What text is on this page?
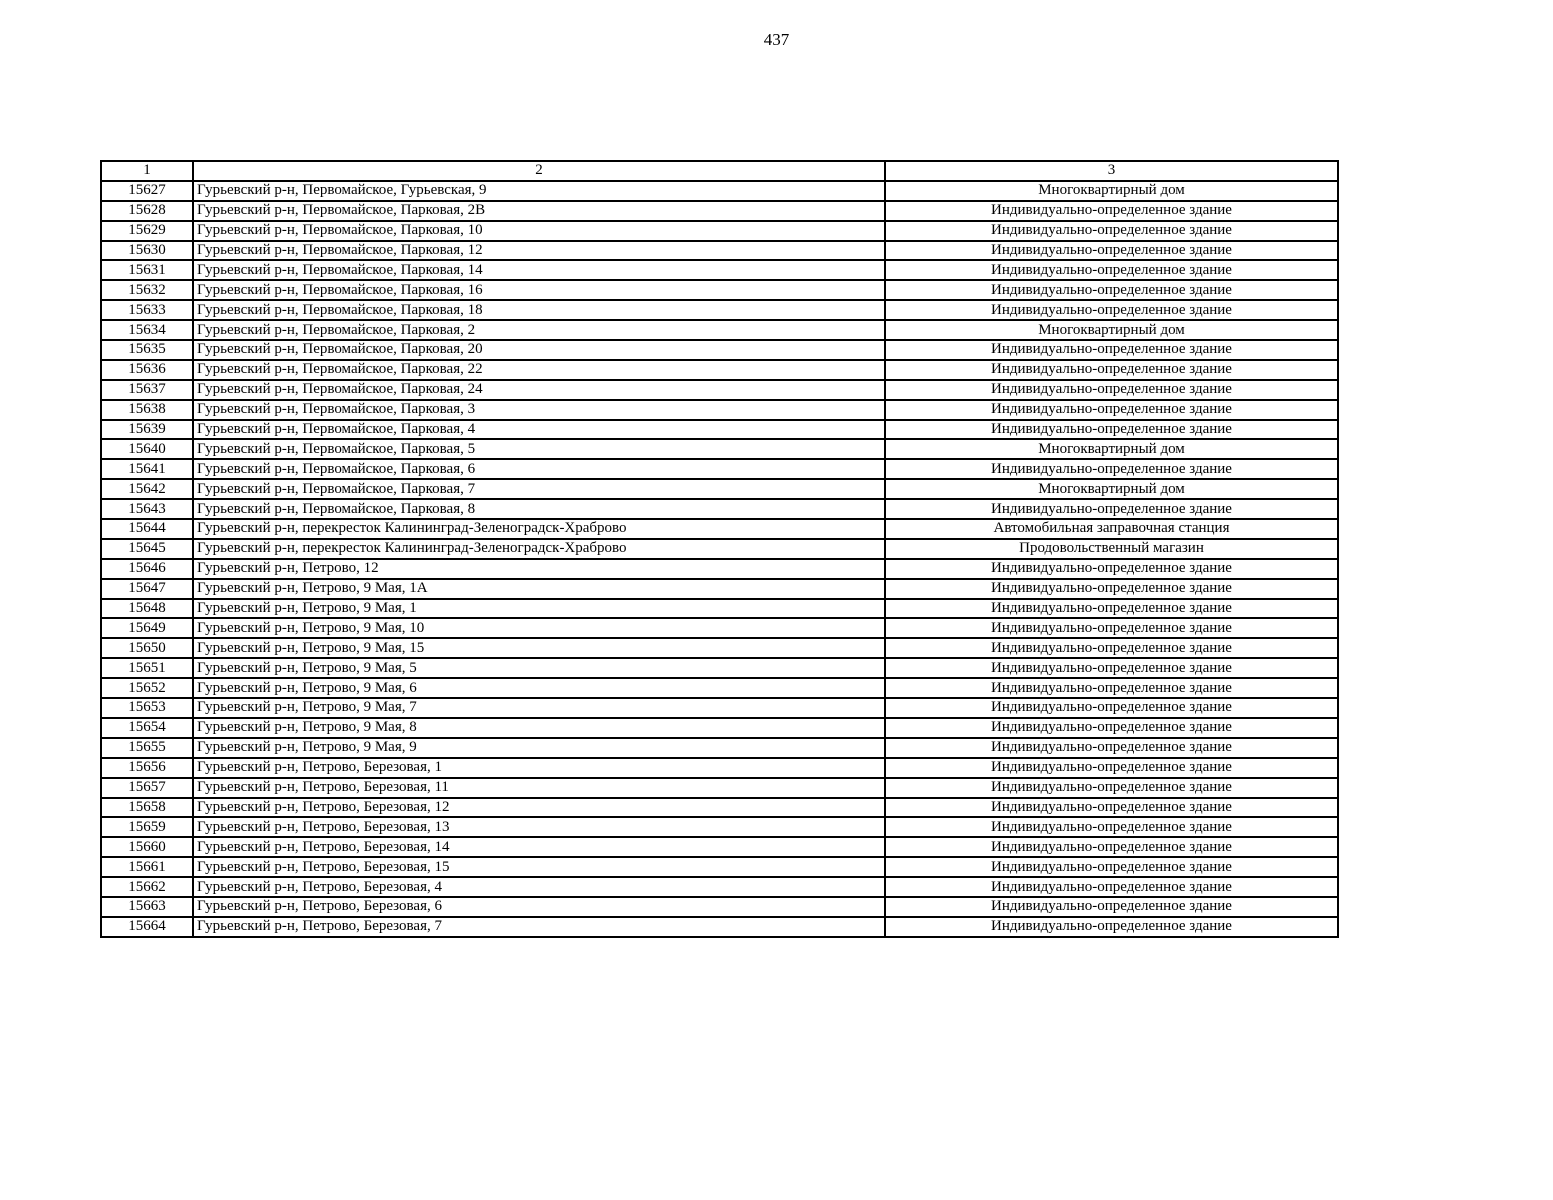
437
1	2	3
15627	Гурьевский р-н, Первомайское, Гурьевская, 9	Многоквартирный дом
15628	Гурьевский р-н, Первомайское, Парковая, 2В	Индивидуально-определенное здание
15629	Гурьевский р-н, Первомайское, Парковая, 10	Индивидуально-определенное здание
15630	Гурьевский р-н, Первомайское, Парковая, 12	Индивидуально-определенное здание
15631	Гурьевский р-н, Первомайское, Парковая, 14	Индивидуально-определенное здание
15632	Гурьевский р-н, Первомайское, Парковая, 16	Индивидуально-определенное здание
15633	Гурьевский р-н, Первомайское, Парковая, 18	Индивидуально-определенное здание
15634	Гурьевский р-н, Первомайское, Парковая, 2	Многоквартирный дом
15635	Гурьевский р-н, Первомайское, Парковая, 20	Индивидуально-определенное здание
15636	Гурьевский р-н, Первомайское, Парковая, 22	Индивидуально-определенное здание
15637	Гурьевский р-н, Первомайское, Парковая, 24	Индивидуально-определенное здание
15638	Гурьевский р-н, Первомайское, Парковая, 3	Индивидуально-определенное здание
15639	Гурьевский р-н, Первомайское, Парковая, 4	Индивидуально-определенное здание
15640	Гурьевский р-н, Первомайское, Парковая, 5	Многоквартирный дом
15641	Гурьевский р-н, Первомайское, Парковая, 6	Индивидуально-определенное здание
15642	Гурьевский р-н, Первомайское, Парковая, 7	Многоквартирный дом
15643	Гурьевский р-н, Первомайское, Парковая, 8	Индивидуально-определенное здание
15644	Гурьевский р-н, перекресток Калининград-Зеленоградск-Храброво	Автомобильная заправочная станция
15645	Гурьевский р-н, перекресток Калининград-Зеленоградск-Храброво	Продовольственный магазин
15646	Гурьевский р-н, Петрово, 12	Индивидуально-определенное здание
15647	Гурьевский р-н, Петрово, 9 Мая, 1А	Индивидуально-определенное здание
15648	Гурьевский р-н, Петрово, 9 Мая, 1	Индивидуально-определенное здание
15649	Гурьевский р-н, Петрово, 9 Мая, 10	Индивидуально-определенное здание
15650	Гурьевский р-н, Петрово, 9 Мая, 15	Индивидуально-определенное здание
15651	Гурьевский р-н, Петрово, 9 Мая, 5	Индивидуально-определенное здание
15652	Гурьевский р-н, Петрово, 9 Мая, 6	Индивидуально-определенное здание
15653	Гурьевский р-н, Петрово, 9 Мая, 7	Индивидуально-определенное здание
15654	Гурьевский р-н, Петрово, 9 Мая, 8	Индивидуально-определенное здание
15655	Гурьевский р-н, Петрово, 9 Мая, 9	Индивидуально-определенное здание
15656	Гурьевский р-н, Петрово, Березовая, 1	Индивидуально-определенное здание
15657	Гурьевский р-н, Петрово, Березовая, 11	Индивидуально-определенное здание
15658	Гурьевский р-н, Петрово, Березовая, 12	Индивидуально-определенное здание
15659	Гурьевский р-н, Петрово, Березовая, 13	Индивидуально-определенное здание
15660	Гурьевский р-н, Петрово, Березовая, 14	Индивидуально-определенное здание
15661	Гурьевский р-н, Петрово, Березовая, 15	Индивидуально-определенное здание
15662	Гурьевский р-н, Петрово, Березовая, 4	Индивидуально-определенное здание
15663	Гурьевский р-н, Петрово, Березовая, 6	Индивидуально-определенное здание
15664	Гурьевский р-н, Петрово, Березовая, 7	Индивидуально-определенное здание
